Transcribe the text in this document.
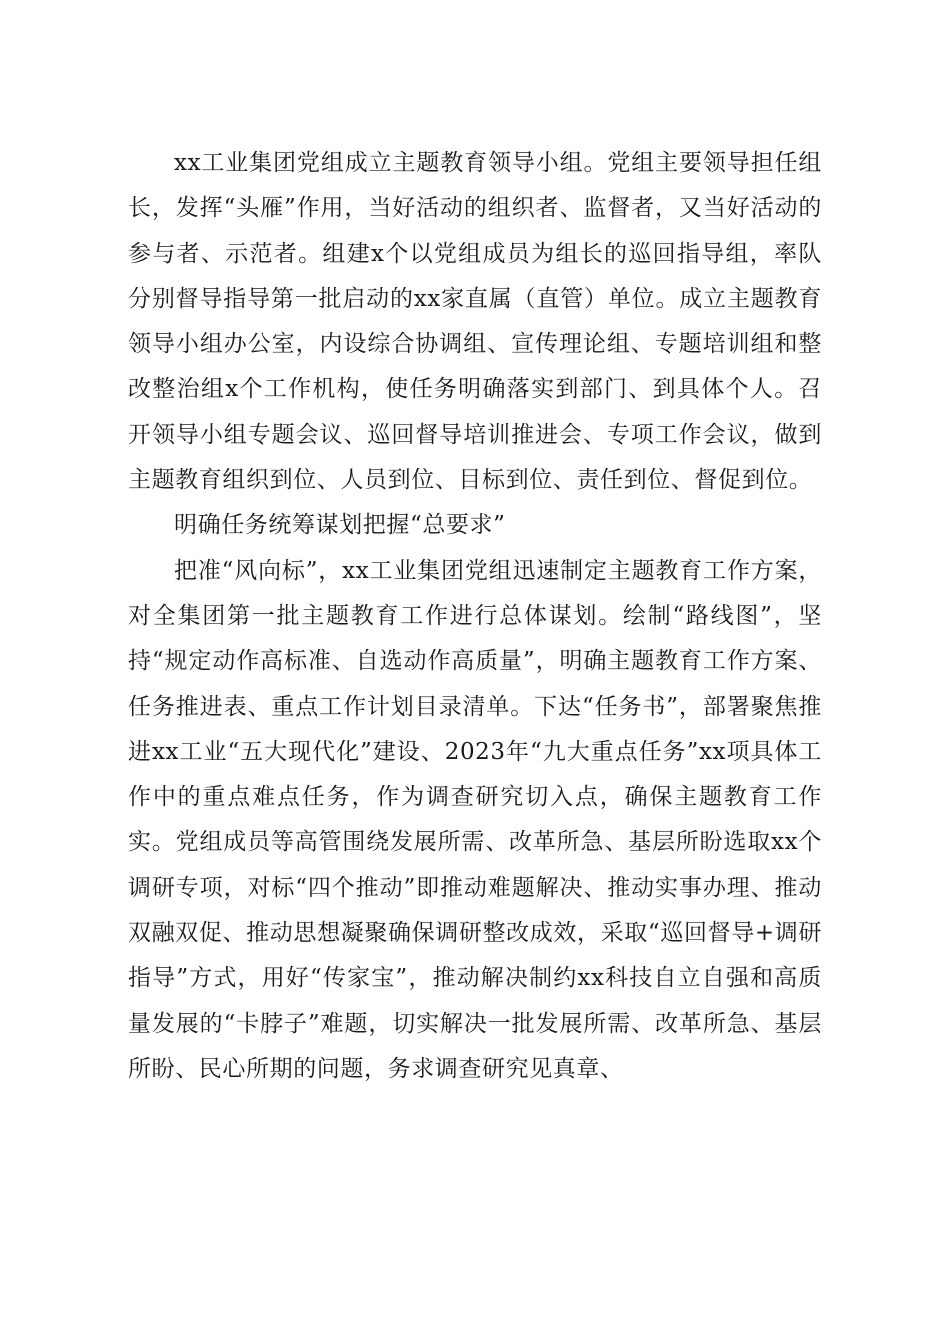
xx工业集团党组成立主题教育领导小组。党组主要领导担任组长，发挥“头雁”作用，当好活动的组织者、监督者，又当好活动的参与者、示范者。组建x个以党组成员为组长的巡回指导组，率队分别督导指导第一批启动的xx家直属（直管）单位。成立主题教育领导小组办公室，内设综合协调组、宣传理论组、专题培训组和整改整治组x个工作机构，使任务明确落实到部门、到具体个人。召开领导小组专题会议、巡回督导培训推进会、专项工作会议，做到主题教育组织到位、人员到位、目标到位、责任到位、督促到位。

明确任务统筹谋划把握“总要求”

把准“风向标”，xx工业集团党组迅速制定主题教育工作方案，对全集团第一批主题教育工作进行总体谋划。绘制“路线图”，坚持“规定动作高标准、自选动作高质量”，明确主题教育工作方案、任务推进表、重点工作计划目录清单。下达“任务书”，部署聚焦推进xx工业“五大现代化”建设、2023年“九大重点任务”xx项具体工作中的重点难点任务，作为调查研究切入点，确保主题教育工作实。党组成员等高管围绕发展所需、改革所急、基层所盼选取xx个调研专项，对标“四个推动”即推动难题解决、推动实事办理、推动双融双促、推动思想凝聚确保调研整改成效，采取“巡回督导+调研指导”方式，用好“传家宝”，推动解决制约xx科技自立自强和高质量发展的“卡脖子”难题，切实解决一批发展所需、改革所急、基层所盼、民心所期的问题，务求调查研究见真章、
